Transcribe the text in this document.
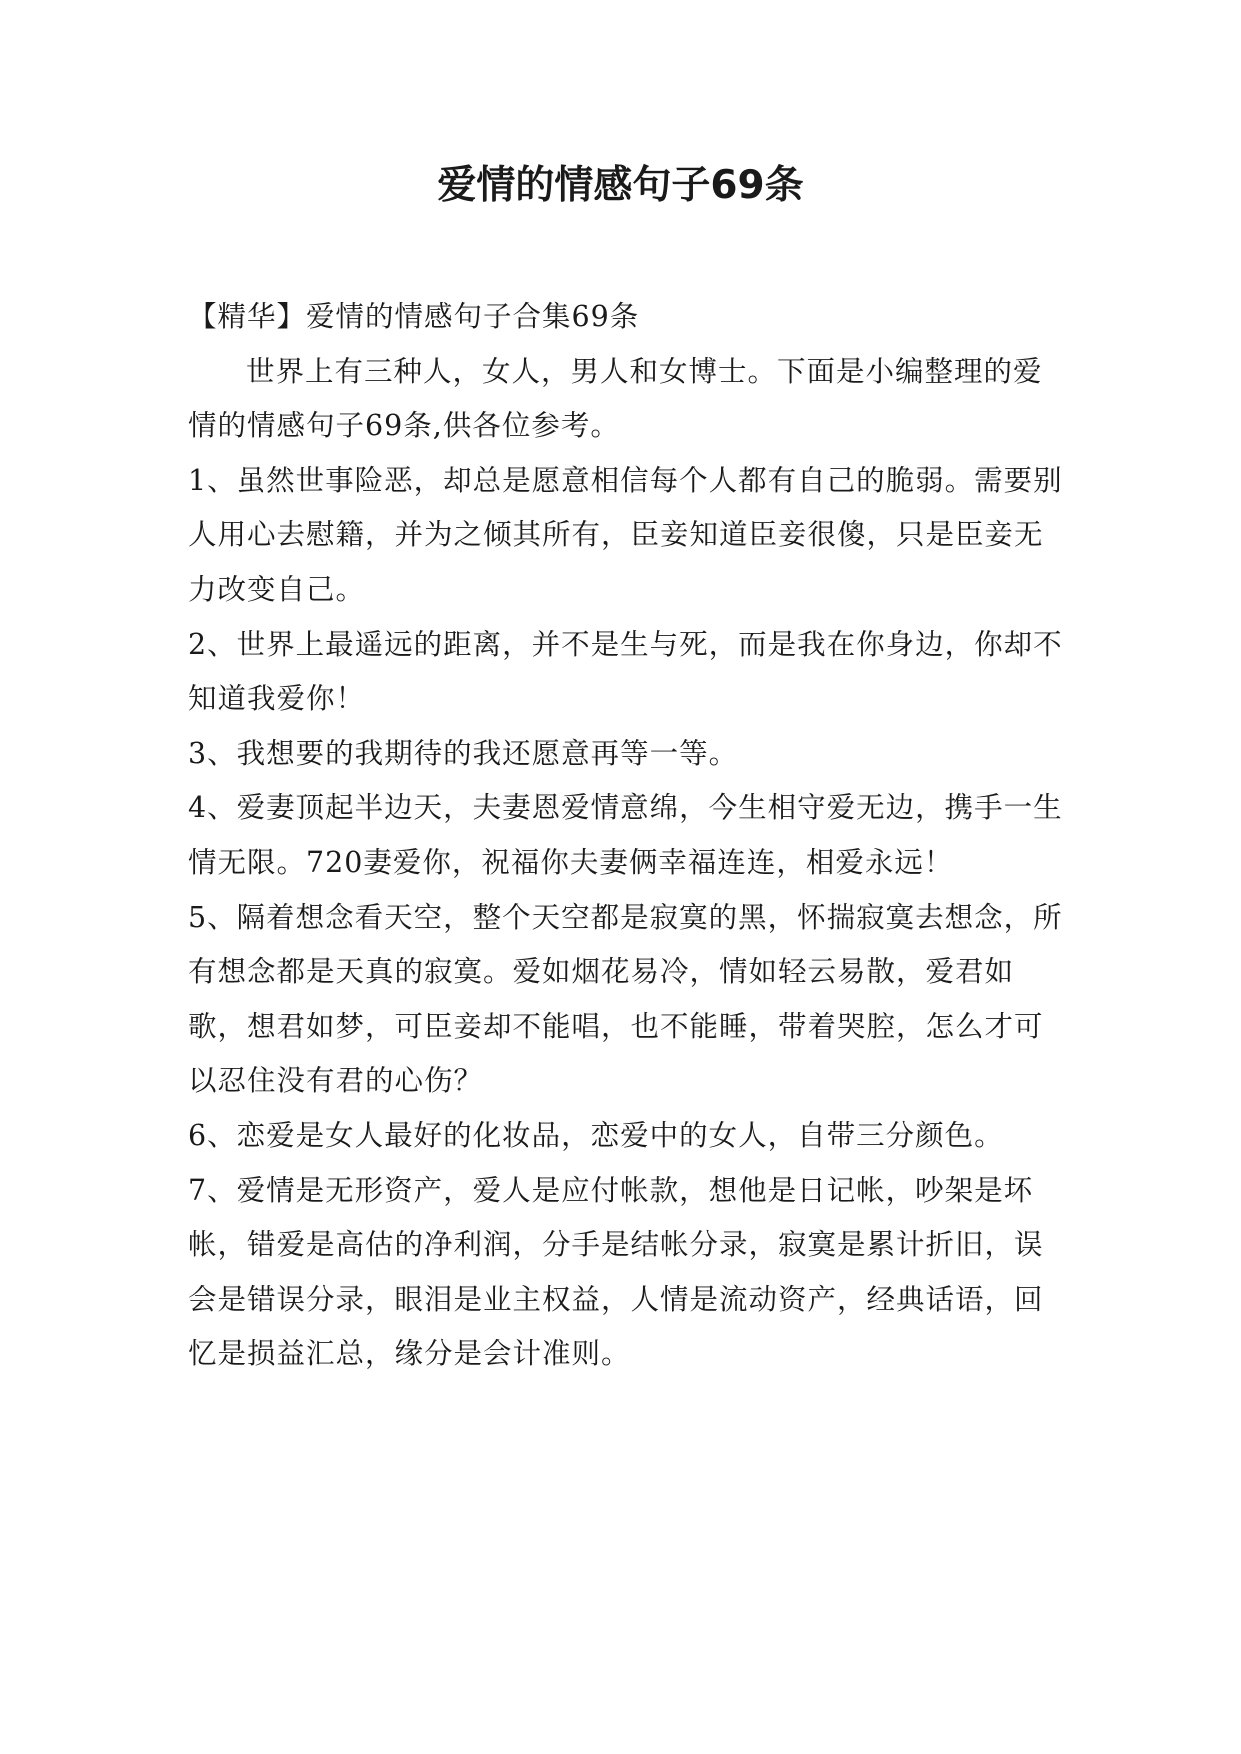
爱情的情感句子69条

【精华】爱情的情感句子合集69条

世界上有三种人，女人，男人和女博士。下面是小编整理的爱情的情感句子69条,供各位参考。

1、虽然世事险恶，却总是愿意相信每个人都有自己的脆弱。需要别人用心去慰籍，并为之倾其所有，臣妾知道臣妾很傻，只是臣妾无力改变自己。

2、世界上最遥远的距离，并不是生与死，而是我在你身边，你却不知道我爱你！

3、我想要的我期待的我还愿意再等一等。

4、爱妻顶起半边天，夫妻恩爱情意绵，今生相守爱无边，携手一生情无限。720妻爱你，祝福你夫妻俩幸福连连，相爱永远！

5、隔着想念看天空，整个天空都是寂寞的黑，怀揣寂寞去想念，所有想念都是天真的寂寞。爱如烟花易冷，情如轻云易散，爱君如歌，想君如梦，可臣妾却不能唱，也不能睡，带着哭腔，怎么才可以忍住没有君的心伤？

6、恋爱是女人最好的化妆品，恋爱中的女人，自带三分颜色。

7、爱情是无形资产，爱人是应付帐款，想他是日记帐，吵架是坏帐，错爱是高估的净利润，分手是结帐分录，寂寞是累计折旧，误会是错误分录，眼泪是业主权益，人情是流动资产，经典话语，回忆是损益汇总，缘分是会计准则。
